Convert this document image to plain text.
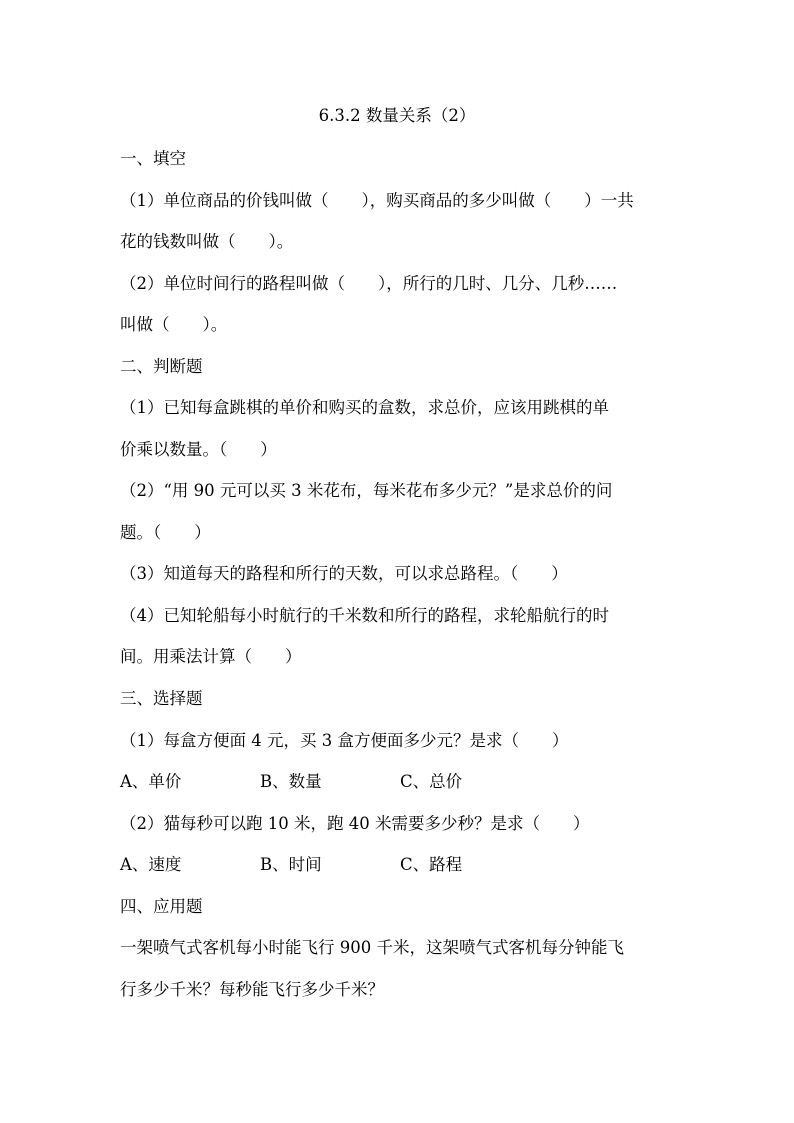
6.3.2 数量关系（2）
一、填空
（1）单位商品的价钱叫做（　　），购买商品的多少叫做（　　）一共
花的钱数叫做（　　）。
（2）单位时间行的路程叫做（　　），所行的几时、几分、几秒……
叫做（　　）。
二、判断题
（1）已知每盒跳棋的单价和购买的盒数，求总价，应该用跳棋的单
价乘以数量。（　　）
（2）“用 90 元可以买 3 米花布，每米花布多少元？”是求总价的问
题。（　　）
（3）知道每天的路程和所行的天数，可以求总路程。（　　）
（4）已知轮船每小时航行的千米数和所行的路程，求轮船航行的时
间。用乘法计算（　　）
三、选择题
（1）每盒方便面 4 元，买 3 盒方便面多少元？是求（　　）
A、单价	B、数量	C、总价
（2）猫每秒可以跑 10 米，跑 40 米需要多少秒？是求（　　）
A、速度	B、时间	C、路程
四、应用题
一架喷气式客机每小时能飞行 900 千米，这架喷气式客机每分钟能飞
行多少千米？每秒能飞行多少千米？
